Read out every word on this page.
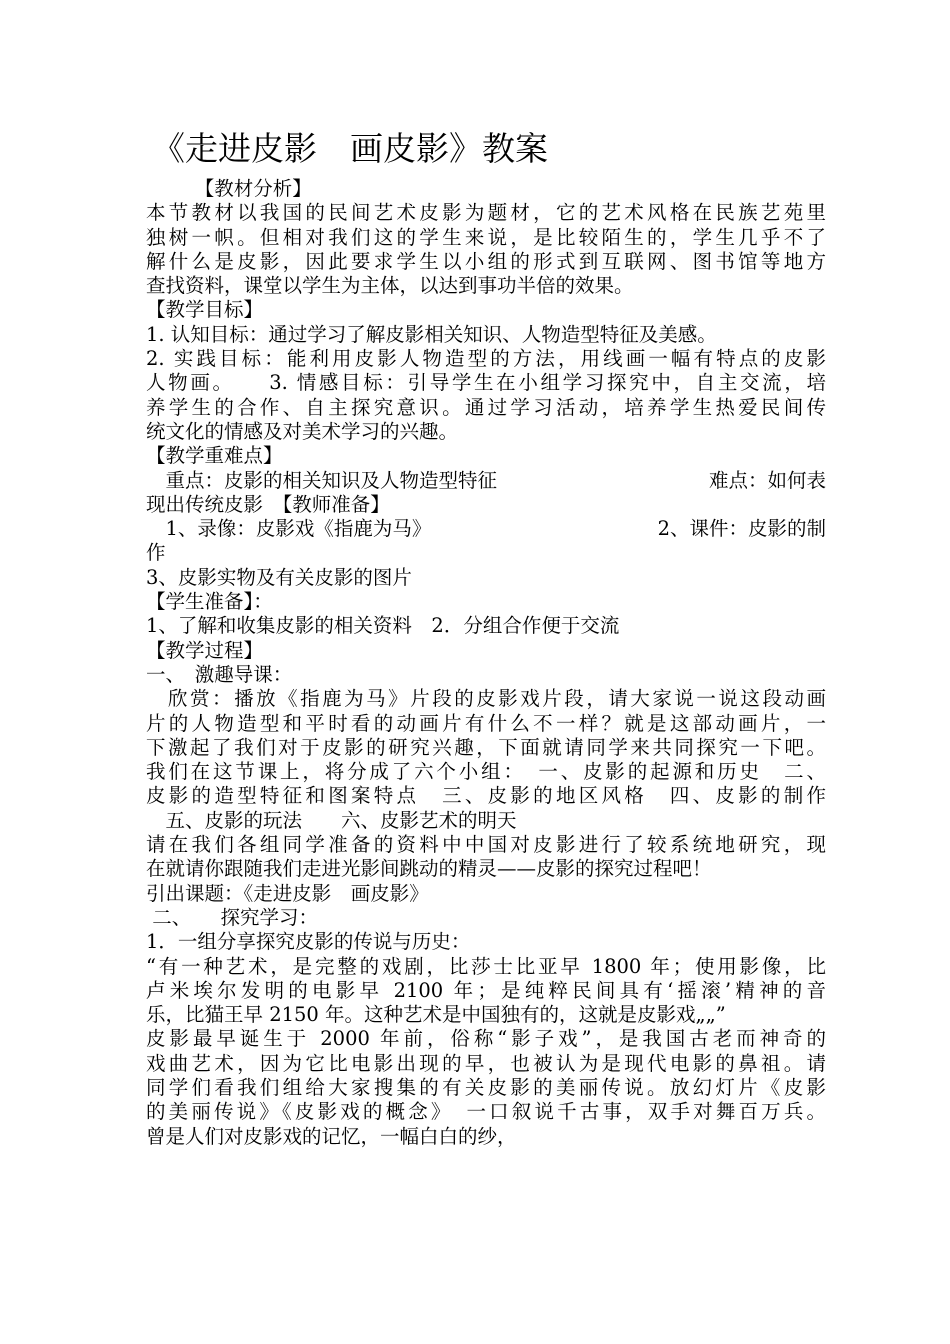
《走进皮影　画皮影》教案
　　　【教材分析】
本节教材以我国的民间艺术皮影为题材，它的艺术风格在民族艺苑里
独树一帜。但相对我们这的学生来说，是比较陌生的，学生几乎不了
解什么是皮影，因此要求学生以小组的形式到互联网、图书馆等地方
查找资料，课堂以学生为主体，以达到事功半倍的效果。
【教学目标】
1. 认知目标：通过学习了解皮影相关知识、人物造型特征及美感。
2. 实践目标：能利用皮影人物造型的方法，用线画一幅有特点的皮影
人物画。　　3. 情感目标：引导学生在小组学习探究中，自主交流，培
养学生的合作、自主探究意识。通过学习活动，培养学生热爱民间传
统文化的情感及对美术学习的兴趣。
【教学重难点】
　重点：皮影的相关知识及人物造型特征	难点：如何表
现出传统皮影　【教师准备】
　1、录像：皮影戏《指鹿为马》	2、课件：皮影的制
作
3、皮影实物及有关皮影的图片
【学生准备】：
1、了解和收集皮影的相关资料　2．分组合作便于交流
【教学过程】
一、　激趣导课：
　欣赏：播放《指鹿为马》片段的皮影戏片段，请大家说一说这段动画
片的人物造型和平时看的动画片有什么不一样？就是这部动画片，一
下激起了我们对于皮影的研究兴趣，下面就请同学来共同探究一下吧。
我们在这节课上，将分成了六个小组：　一、皮影的起源和历史　二、
皮影的造型特征和图案特点　三、皮影的地区风格　四、皮影的制作
　五、皮影的玩法　　六、皮影艺术的明天
请在我们各组同学准备的资料中中国对皮影进行了较系统地研究，现
在就请你跟随我们走进光影间跳动的精灵——皮影的探究过程吧！
引出课题：《走进皮影　画皮影》
二、　　探究学习：
1．一组分享探究皮影的传说与历史：
“有一种艺术，是完整的戏剧，比莎士比亚早 1800 年；使用影像，比
卢米埃尔发明的电影早 2100 年；是纯粹民间具有‘摇滚’精神的音
乐，比猫王早 2150 年。这种艺术是中国独有的，这就是皮影戏„„”
皮影最早诞生于 2000 年前，俗称“影子戏”，是我国古老而神奇的
戏曲艺术，因为它比电影出现的早，也被认为是现代电影的鼻祖。请
同学们看我们组给大家搜集的有关皮影的美丽传说。放幻灯片《皮影
的美丽传说》《皮影戏的概念》　一口叙说千古事，双手对舞百万兵。
曾是人们对皮影戏的记忆，一幅白白的纱，
